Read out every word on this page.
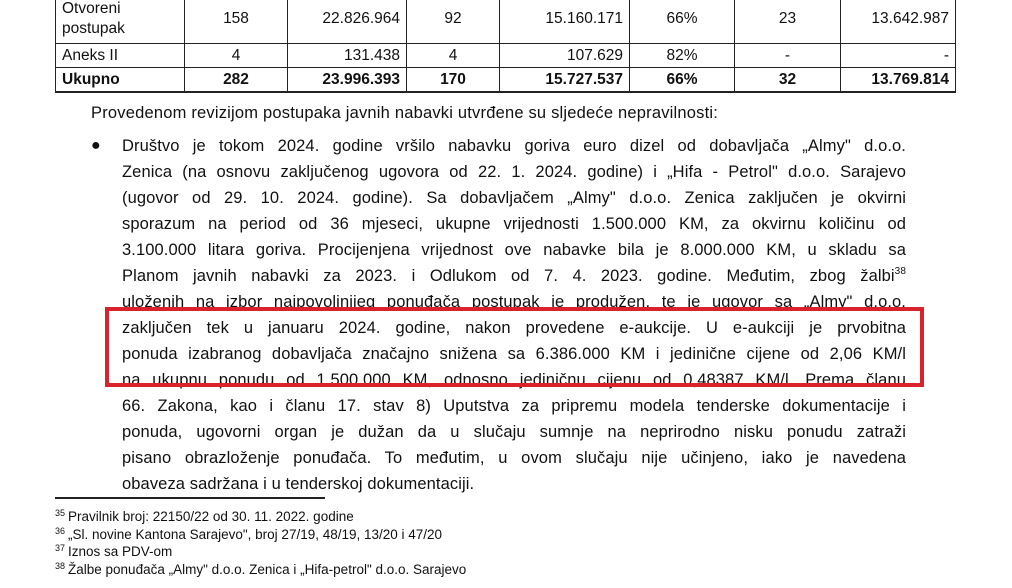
Otvoreni postupak	158	22.826.964	92	15.160.171	66%	23	13.642.987
Aneks II	4	131.438	4	107.629	82%	-	-
Ukupno	282	23.996.393	170	15.727.537	66%	32	13.769.814
Provedenom revizijom postupaka javnih nabavki utvrđene su sljedeće nepravilnosti:
● Društvo je tokom 2024. godine vršilo nabavku goriva euro dizel od dobavljača „Almy" d.o.o.
Zenica (na osnovu zaključenog ugovora od 22. 1. 2024. godine) i „Hifa - Petrol" d.o.o. Sarajevo
(ugovor od 29. 10. 2024. godine). Sa dobavljačem „Almy" d.o.o. Zenica zaključen je okvirni
sporazum na period od 36 mjeseci, ukupne vrijednosti 1.500.000 KM, za okvirnu količinu od
3.100.000 litara goriva. Procijenjena vrijednost ove nabavke bila je 8.000.000 KM, u skladu sa
Planom javnih nabavki za 2023. i Odlukom od 7. 4. 2023. godine. Međutim, zbog žalbi$^{38}$
uloženih na izbor najpovoljnijeg ponuđača postupak je produžen, te je ugovor sa „Almy" d.o.o.
zaključen tek u januaru 2024. godine, nakon provedene e-aukcije. U e-aukciji je prvobitna
ponuda izabranog dobavljača značajno snižena sa 6.386.000 KM i jedinične cijene od 2,06 KM/l
na ukupnu ponudu od 1.500.000 KM, odnosno jediničnu cijenu od 0,48387 KM/l. Prema članu
66. Zakona, kao i članu 17. stav 8) Uputstva za pripremu modela tenderske dokumentacije i
ponuda, ugovorni organ je dužan da u slučaju sumnje na neprirodno nisku ponudu zatraži
pisano obrazloženje ponuđača. To međutim, u ovom slučaju nije učinjeno, iako je navedena
obaveza sadržana i u tenderskoj dokumentaciji.
$^{35}$ Pravilnik broj: 22150/22 od 30. 11. 2022. godine
$^{36}$ „Sl. novine Kantona Sarajevo", broj 27/19, 48/19, 13/20 i 47/20
$^{37}$ Iznos sa PDV-om
$^{38}$ Žalbe ponuđača „Almy" d.o.o. Zenica i „Hifa-petrol" d.o.o. Sarajevo
